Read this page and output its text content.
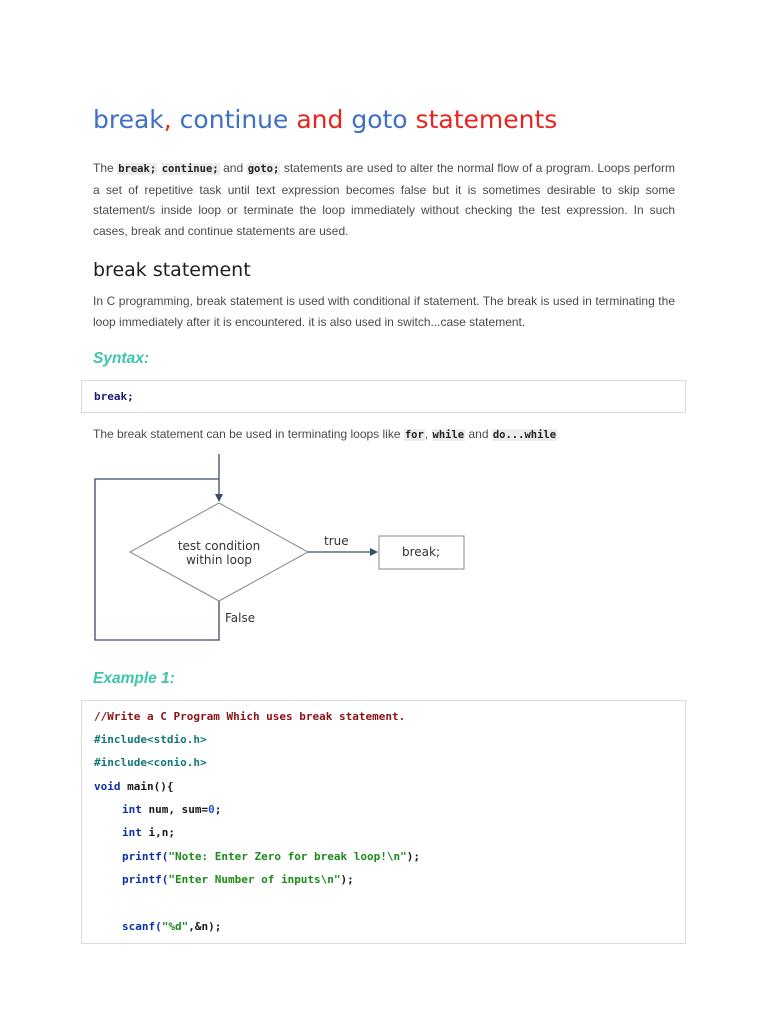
break, continue and goto statements

The break; continue; and goto; statements are used to alter the normal flow of a program. Loops perform a set of repetitive task until text expression becomes false but it is sometimes desirable to skip some statement/s inside loop or terminate the loop immediately without checking the test expression. In such cases, break and continue statements are used.

break statement

In C programming, break statement is used with conditional if statement. The break is used in terminating the loop immediately after it is encountered. it is also used in switch...case statement.

Syntax:
break;

The break statement can be used in terminating loops like for, while and do...while

test condition
within loop
true
break;
False
Example 1:
//Write a C Program Which uses break statement.
#include<stdio.h>
#include<conio.h>
void main(){
int num, sum=0;
int i,n;
printf("Note: Enter Zero for break loop!\n");
printf("Enter Number of inputs\n");
scanf("%d",&n);
